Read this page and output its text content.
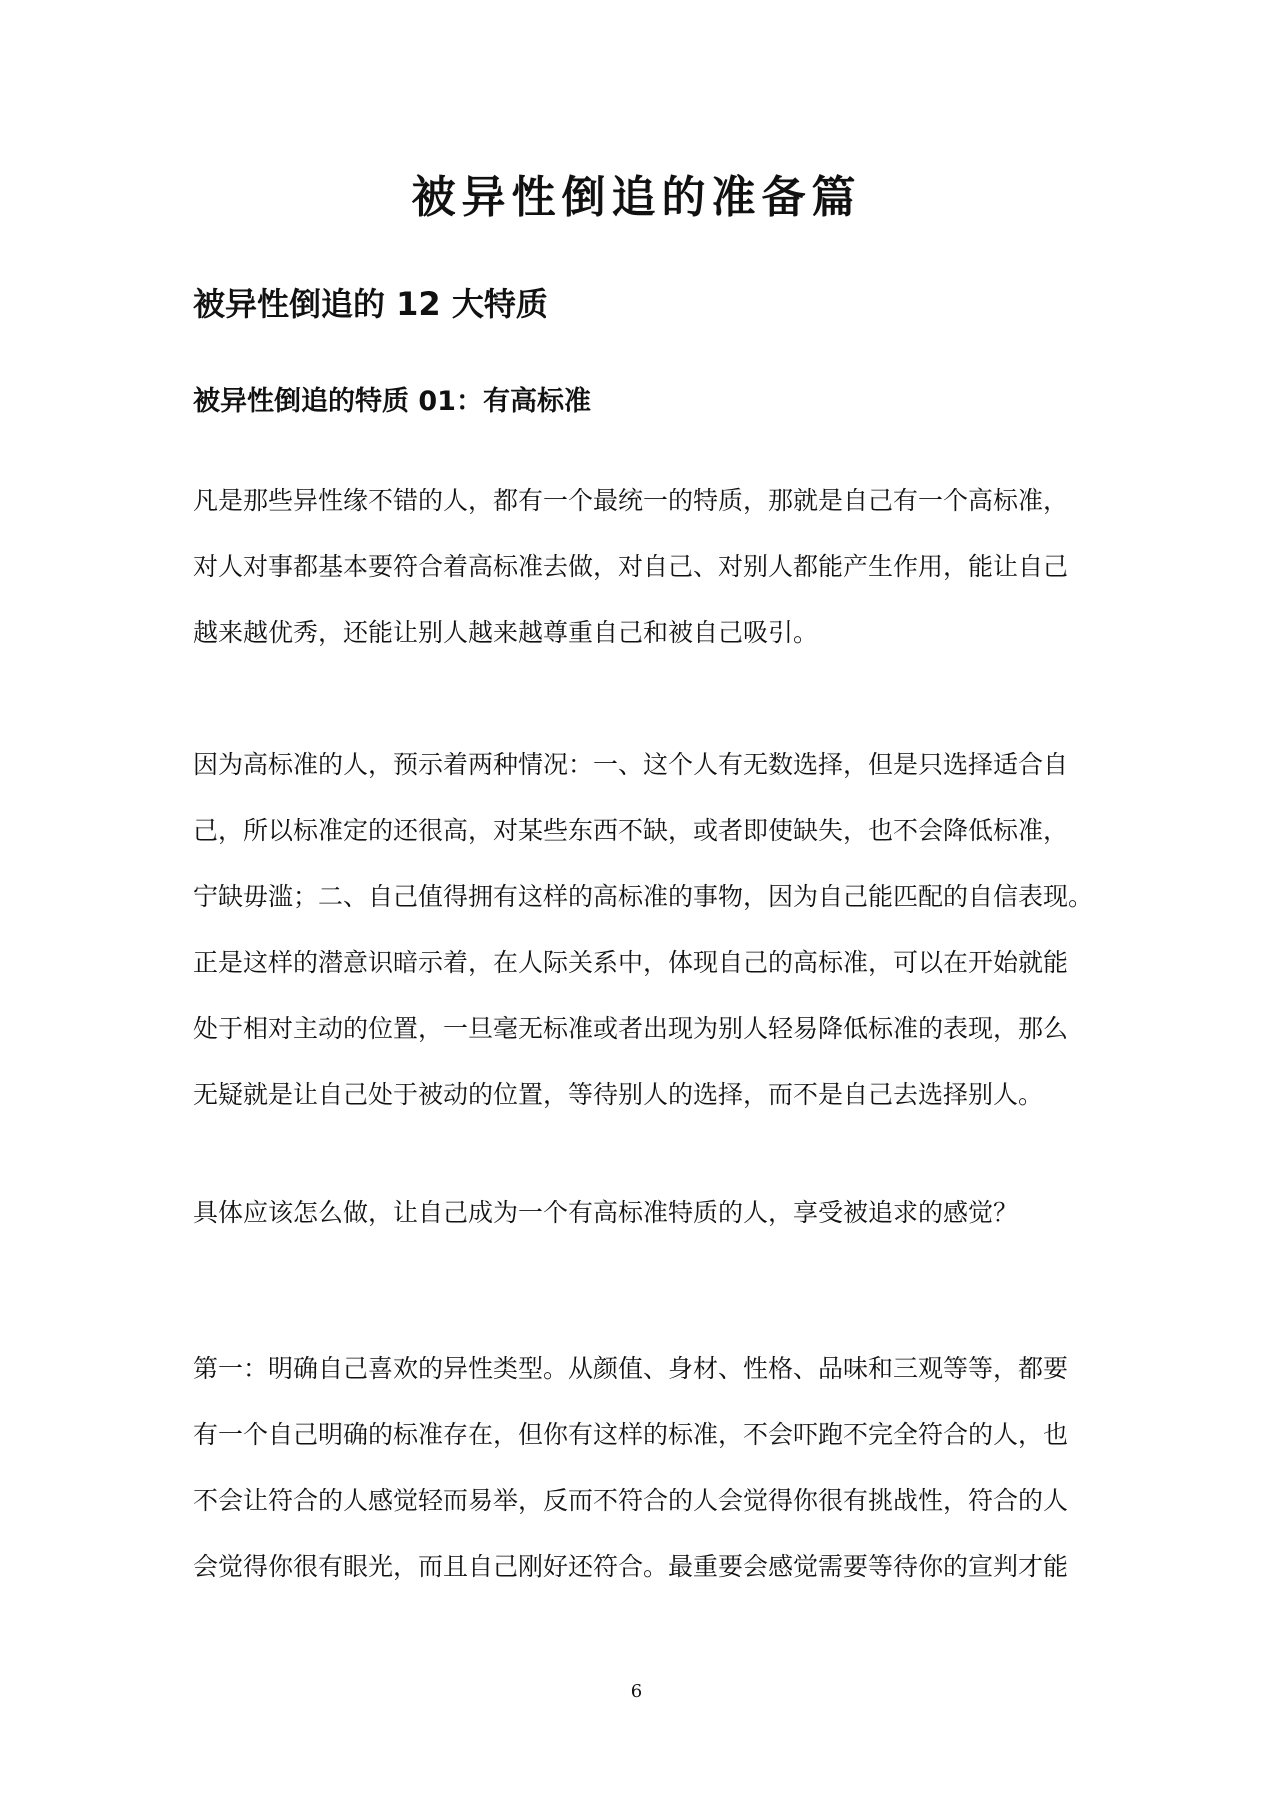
被异性倒追的准备篇
被异性倒追的 12 大特质
被异性倒追的特质 01：有高标准

凡是那些异性缘不错的人，都有一个最统一的特质，那就是自己有一个高标准，
对人对事都基本要符合着高标准去做，对自己、对别人都能产生作用，能让自己
越来越优秀，还能让别人越来越尊重自己和被自己吸引。

因为高标准的人，预示着两种情况：一、这个人有无数选择，但是只选择适合自
己，所以标准定的还很高，对某些东西不缺，或者即使缺失，也不会降低标准，
宁缺毋滥；二、自己值得拥有这样的高标准的事物，因为自己能匹配的自信表现。
正是这样的潜意识暗示着，在人际关系中，体现自己的高标准，可以在开始就能
处于相对主动的位置，一旦毫无标准或者出现为别人轻易降低标准的表现，那么
无疑就是让自己处于被动的位置，等待别人的选择，而不是自己去选择别人。

具体应该怎么做，让自己成为一个有高标准特质的人，享受被追求的感觉？

第一：明确自己喜欢的异性类型。从颜值、身材、性格、品味和三观等等，都要
有一个自己明确的标准存在，但你有这样的标准，不会吓跑不完全符合的人，也
不会让符合的人感觉轻而易举，反而不符合的人会觉得你很有挑战性，符合的人
会觉得你很有眼光，而且自己刚好还符合。最重要会感觉需要等待你的宣判才能

6
